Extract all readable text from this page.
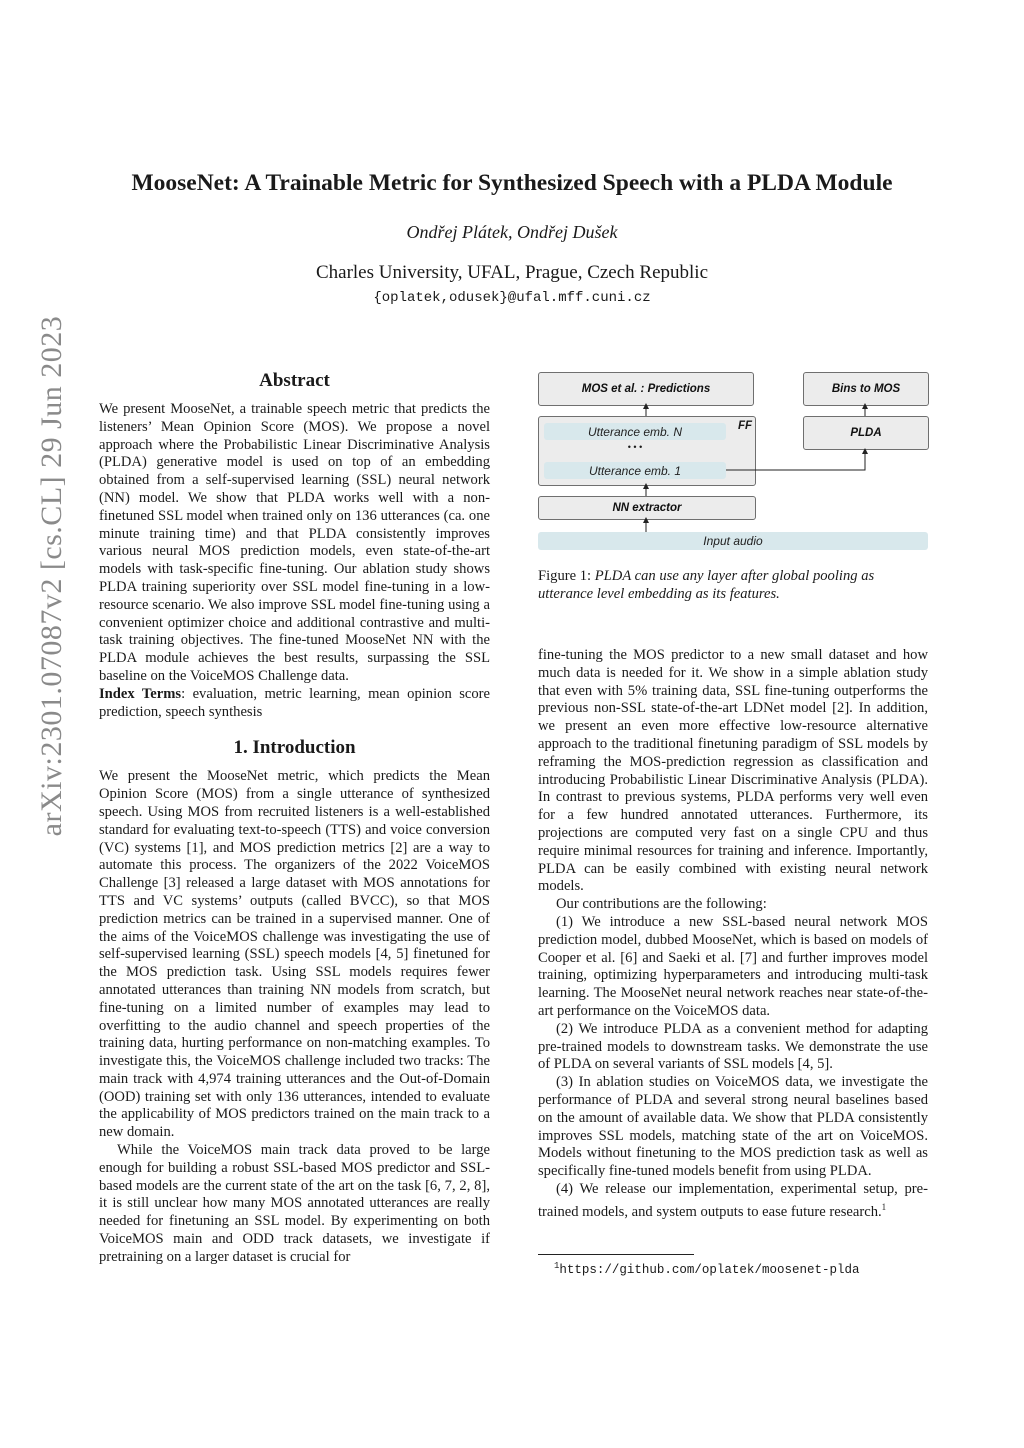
arXiv:2301.07087v2 [cs.CL] 29 Jun 2023
MooseNet: A Trainable Metric for Synthesized Speech with a PLDA Module
Ondřej Plátek, Ondřej Dušek
Charles University, UFAL, Prague, Czech Republic
{oplatek,odusek}@ufal.mff.cuni.cz

Abstract

We present MooseNet, a trainable speech metric that predicts the listeners’ Mean Opinion Score (MOS). We propose a novel approach where the Probabilistic Linear Discriminative Analysis (PLDA) generative model is used on top of an embedding obtained from a self-supervised learning (SSL) neural network (NN) model. We show that PLDA works well with a non-finetuned SSL model when trained only on 136 utterances (ca. one minute training time) and that PLDA consistently improves various neural MOS prediction models, even state-of-the-art models with task-specific fine-tuning. Our ablation study shows PLDA training superiority over SSL model fine-tuning in a low-resource scenario. We also improve SSL model fine-tuning using a convenient optimizer choice and additional contrastive and multi-task training objectives. The fine-tuned MooseNet NN with the PLDA module achieves the best results, surpassing the SSL baseline on the VoiceMOS Challenge data.

Index Terms: evaluation, metric learning, mean opinion score prediction, speech synthesis

1. Introduction

We present the MooseNet metric, which predicts the Mean Opinion Score (MOS) from a single utterance of synthesized speech. Using MOS from recruited listeners is a well-established standard for evaluating text-to-speech (TTS) and voice conversion (VC) systems [1], and MOS prediction metrics [2] are a way to automate this process. The organizers of the 2022 VoiceMOS Challenge [3] released a large dataset with MOS annotations for TTS and VC systems’ outputs (called BVCC), so that MOS prediction metrics can be trained in a supervised manner. One of the aims of the VoiceMOS challenge was investigating the use of self-supervised learning (SSL) speech models [4, 5] finetuned for the MOS prediction task. Using SSL models requires fewer annotated utterances than training NN models from scratch, but fine-tuning on a limited number of examples may lead to overfitting to the audio channel and speech properties of the training data, hurting performance on non-matching examples. To investigate this, the VoiceMOS challenge included two tracks: The main track with 4,974 training utterances and the Out-of-Domain (OOD) training set with only 136 utterances, intended to evaluate the applicability of MOS predictors trained on the main track to a new domain.

While the VoiceMOS main track data proved to be large enough for building a robust SSL-based MOS predictor and SSL-based models are the current state of the art on the task [6, 7, 2, 8], it is still unclear how many MOS annotated utterances are really needed for finetuning an SSL model. By experimenting on both VoiceMOS main and ODD track datasets, we investigate if pretraining on a larger dataset is crucial for

MOS et al. : Predictions	Bins to MOS
FF
Utterance emb. N
• • •
Utterance emb. 1
PLDA
NN extractor
Input audio
Figure 1: PLDA can use any layer after global pooling as utterance level embedding as its features.

fine-tuning the MOS predictor to a new small dataset and how much data is needed for it. We show in a simple ablation study that even with 5% training data, SSL fine-tuning outperforms the previous non-SSL state-of-the-art LDNet model [2]. In addition, we present an even more effective low-resource alternative approach to the traditional finetuning paradigm of SSL models by reframing the MOS-prediction regression as classification and introducing Probabilistic Linear Discriminative Analysis (PLDA). In contrast to previous systems, PLDA performs very well even for a few hundred annotated utterances. Furthermore, its projections are computed very fast on a single CPU and thus require minimal resources for training and inference. Importantly, PLDA can be easily combined with existing neural network models.

Our contributions are the following:

(1) We introduce a new SSL-based neural network MOS prediction model, dubbed MooseNet, which is based on models of Cooper et al. [6] and Saeki et al. [7] and further improves model training, optimizing hyperparameters and introducing multi-task learning. The MooseNet neural network reaches near state-of-the-art performance on the VoiceMOS data.

(2) We introduce PLDA as a convenient method for adapting pre-trained models to downstream tasks. We demonstrate the use of PLDA on several variants of SSL models [4, 5].

(3) In ablation studies on VoiceMOS data, we investigate the performance of PLDA and several strong neural baselines based on the amount of available data. We show that PLDA consistently improves SSL models, matching state of the art on VoiceMOS. Models without finetuning to the MOS prediction task as well as specifically fine-tuned models benefit from using PLDA.

(4) We release our implementation, experimental setup, pre-trained models, and system outputs to ease future research.$^1$

$^1$https://github.com/oplatek/moosenet-plda
